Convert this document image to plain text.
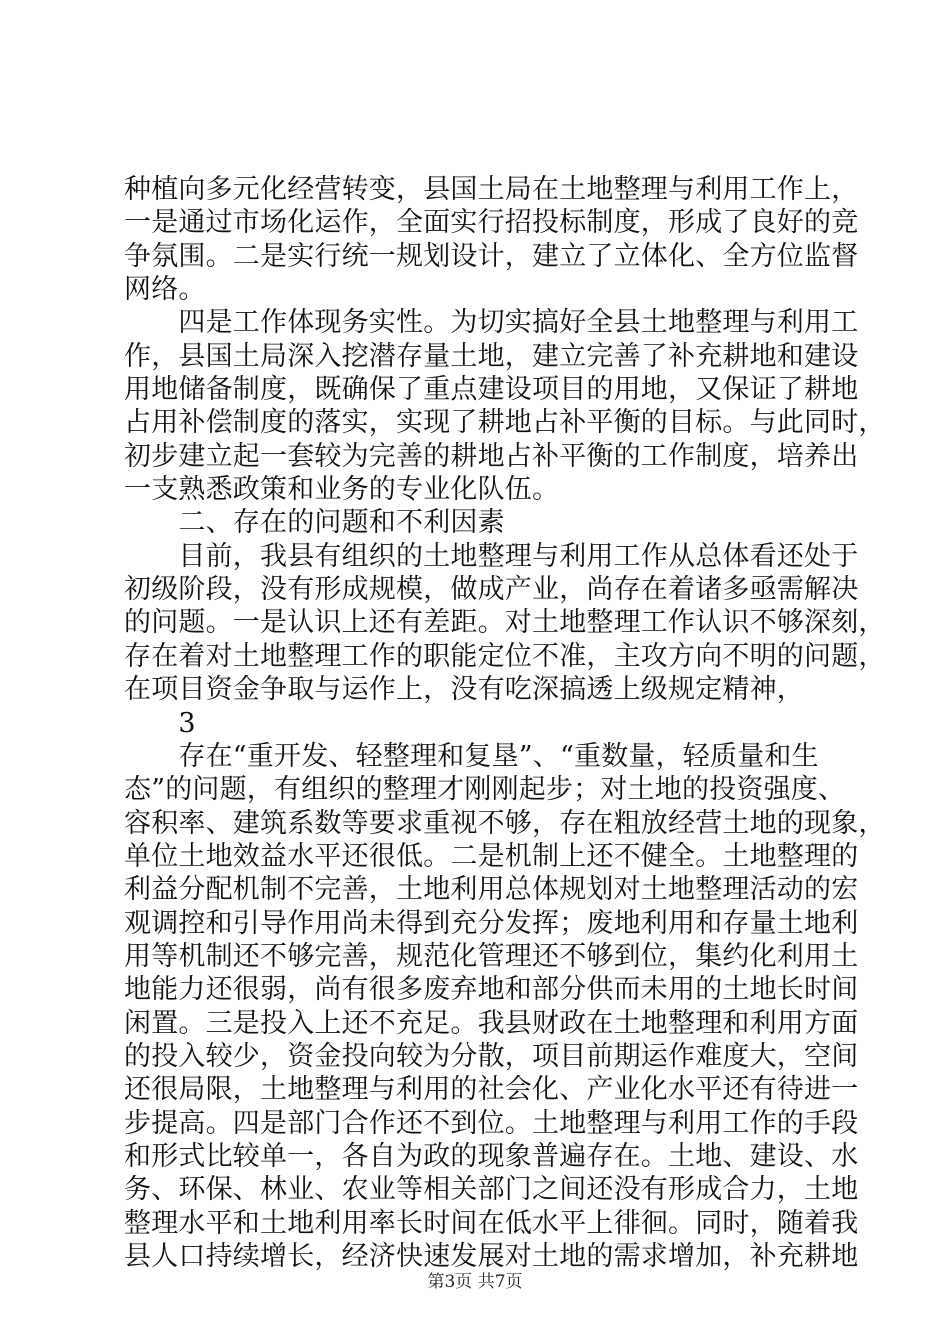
种植向多元化经营转变，县国土局在土地整理与利用工作上，
一是通过市场化运作，全面实行招投标制度，形成了良好的竞
争氛围。二是实行统一规划设计，建立了立体化、全方位监督
网络。
　　四是工作体现务实性。为切实搞好全县土地整理与利用工
作，县国土局深入挖潜存量土地，建立完善了补充耕地和建设
用地储备制度，既确保了重点建设项目的用地，又保证了耕地
占用补偿制度的落实，实现了耕地占补平衡的目标。与此同时，
初步建立起一套较为完善的耕地占补平衡的工作制度，培养出
一支熟悉政策和业务的专业化队伍。
　　二、存在的问题和不利因素
　　目前，我县有组织的土地整理与利用工作从总体看还处于
初级阶段，没有形成规模，做成产业，尚存在着诸多亟需解决
的问题。一是认识上还有差距。对土地整理工作认识不够深刻，
存在着对土地整理工作的职能定位不准，主攻方向不明的问题，
在项目资金争取与运作上，没有吃深搞透上级规定精神，
　　3
　　存在“重开发、轻整理和复垦”、“重数量，轻质量和生
态”的问题，有组织的整理才刚刚起步；对土地的投资强度、
容积率、建筑系数等要求重视不够，存在粗放经营土地的现象，
单位土地效益水平还很低。二是机制上还不健全。土地整理的
利益分配机制不完善，土地利用总体规划对土地整理活动的宏
观调控和引导作用尚未得到充分发挥；废地利用和存量土地利
用等机制还不够完善，规范化管理还不够到位，集约化利用土
地能力还很弱，尚有很多废弃地和部分供而未用的土地长时间
闲置。三是投入上还不充足。我县财政在土地整理和利用方面
的投入较少，资金投向较为分散，项目前期运作难度大，空间
还很局限，土地整理与利用的社会化、产业化水平还有待进一
步提高。四是部门合作还不到位。土地整理与利用工作的手段
和形式比较单一，各自为政的现象普遍存在。土地、建设、水
务、环保、林业、农业等相关部门之间还没有形成合力，土地
整理水平和土地利用率长时间在低水平上徘徊。同时，随着我
县人口持续增长，经济快速发展对土地的需求增加，补充耕地
第3页 共7页
